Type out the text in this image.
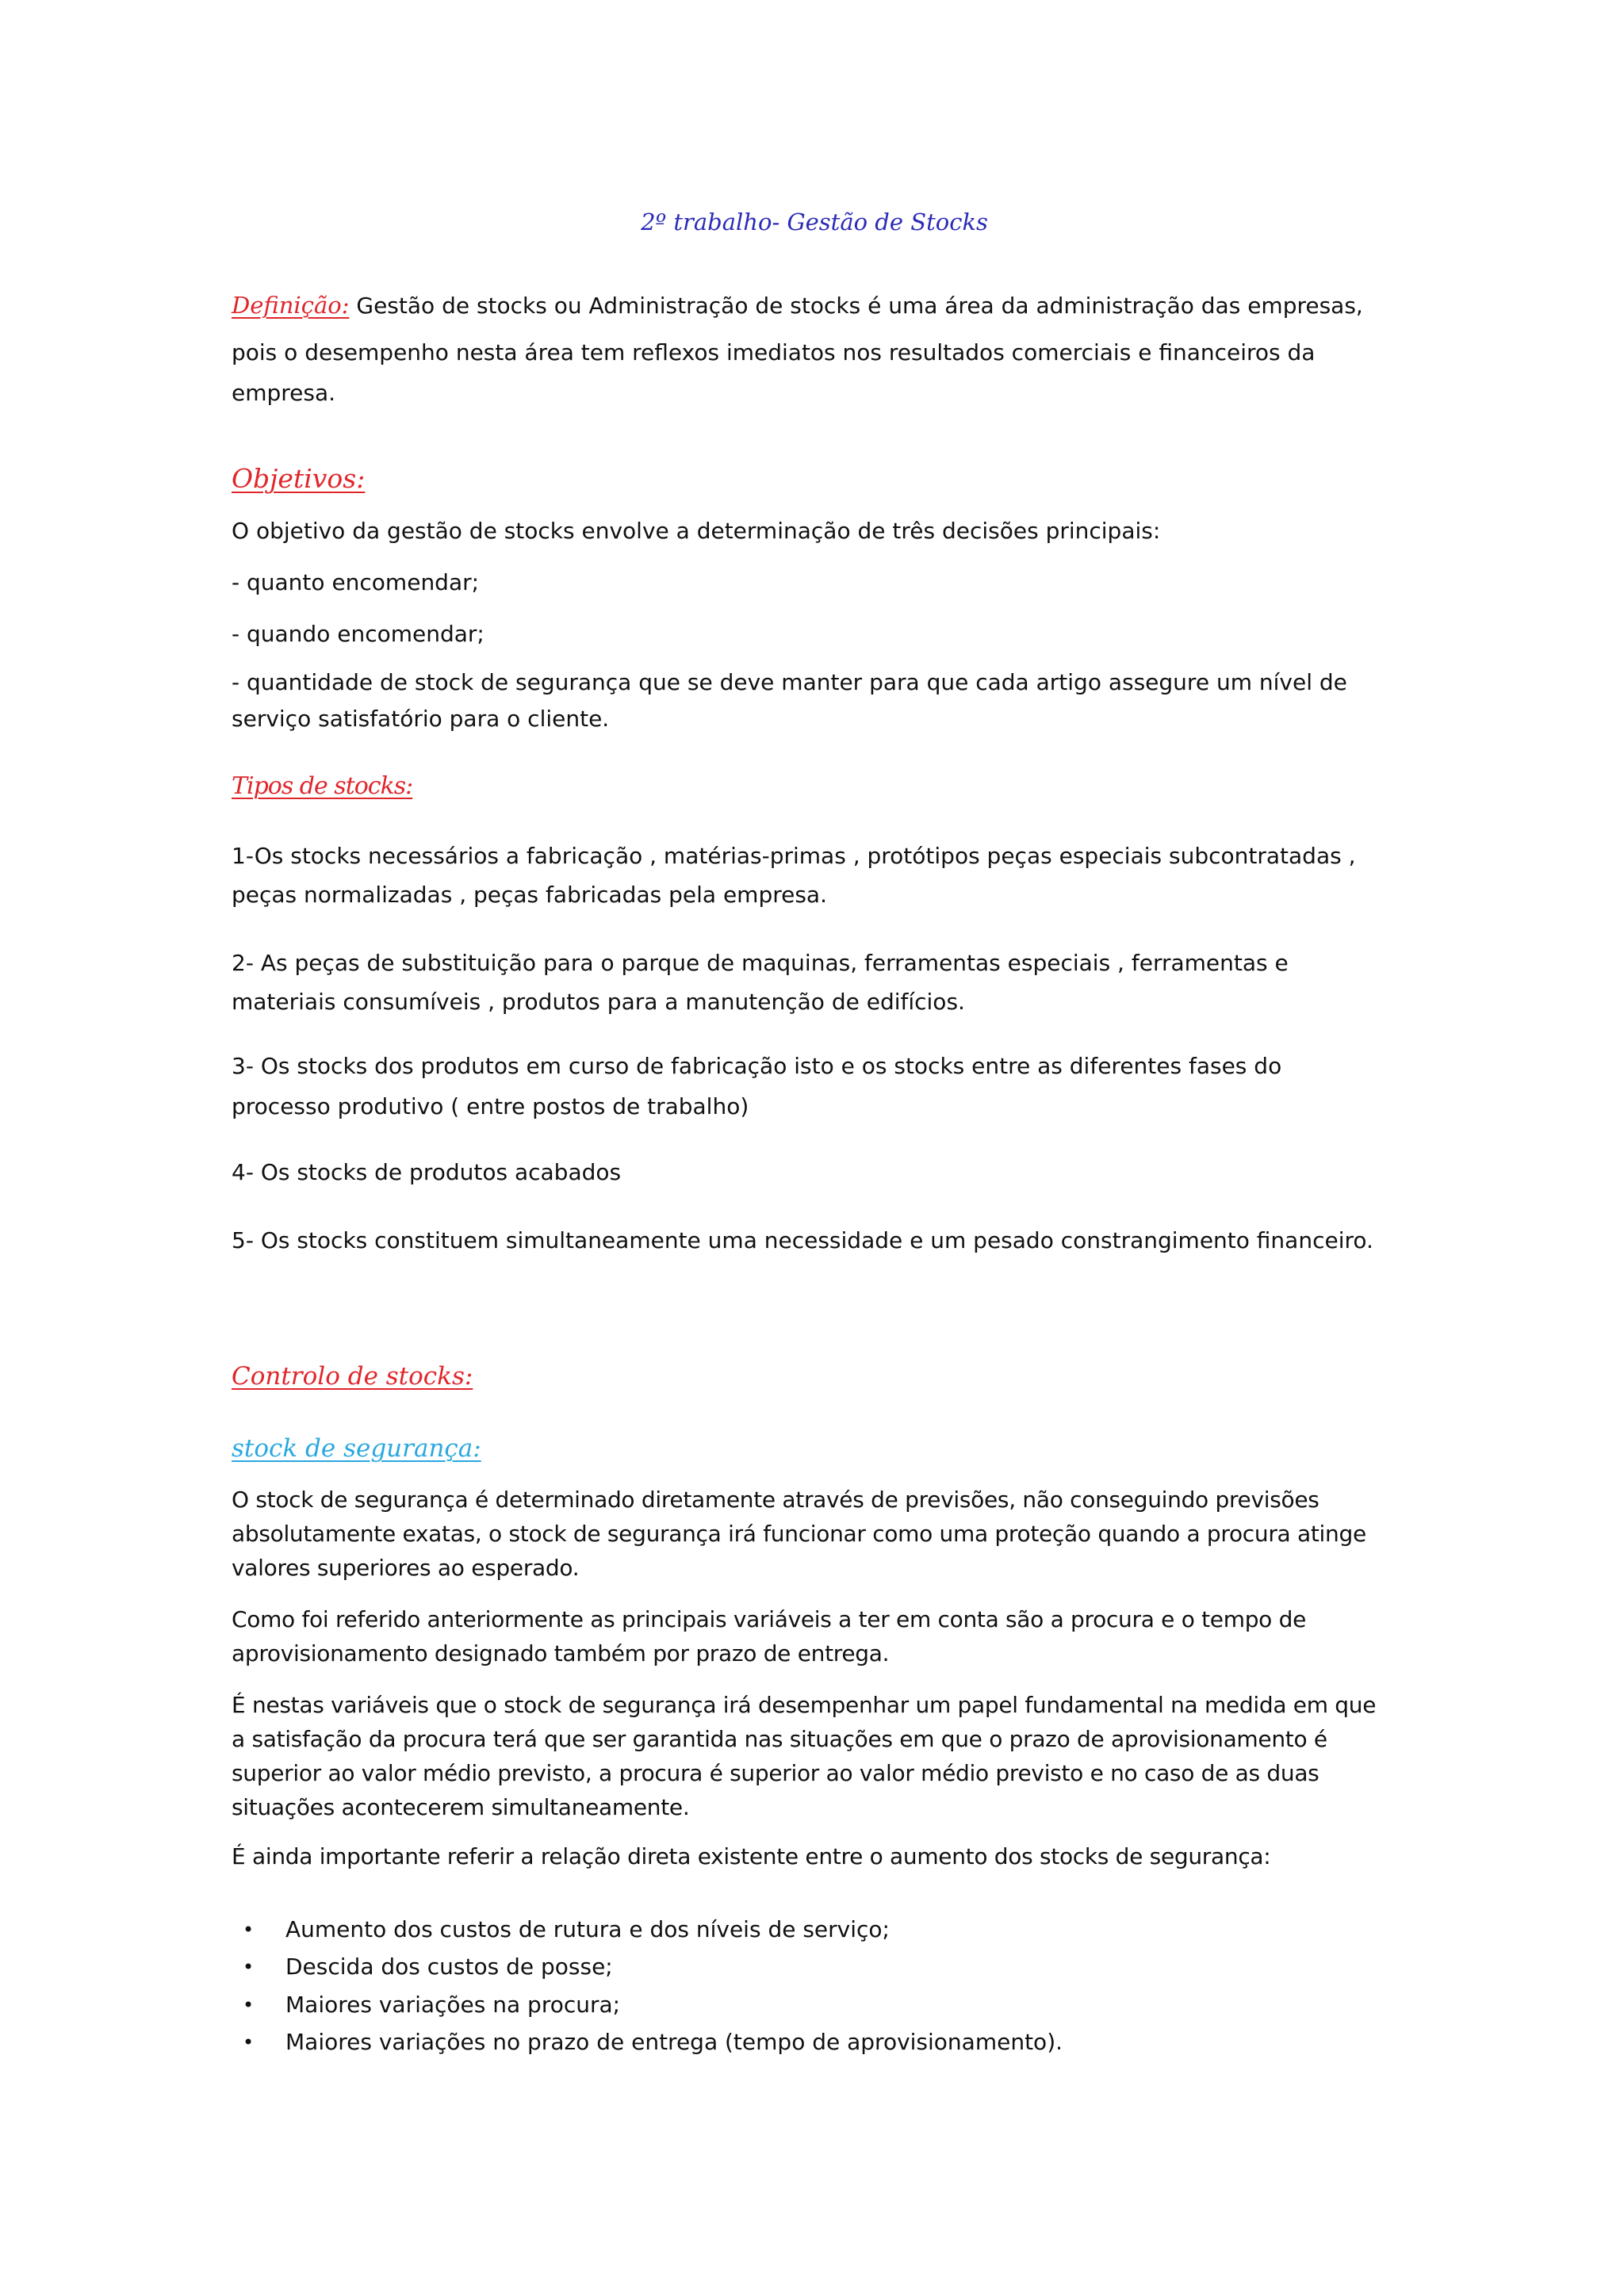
2º trabalho- Gestão de Stocks
Definição: Gestão de stocks ou Administração de stocks é uma área da administração das empresas,
pois o desempenho nesta área tem reflexos imediatos nos resultados comerciais e financeiros da
empresa.
Objetivos:
O objetivo da gestão de stocks envolve a determinação de três decisões principais:
- quanto encomendar;
- quando encomendar;
- quantidade de stock de segurança que se deve manter para que cada artigo assegure um nível de
serviço satisfatório para o cliente.
Tipos de stocks:
1-Os stocks necessários a fabricação , matérias-primas , protótipos peças especiais subcontratadas ,
peças normalizadas , peças fabricadas pela empresa.
2- As peças de substituição para o parque de maquinas, ferramentas especiais , ferramentas e
materiais consumíveis , produtos para a manutenção de edifícios.
3- Os stocks dos produtos em curso de fabricação isto e os stocks entre as diferentes fases do
processo produtivo ( entre postos de trabalho)
4- Os stocks de produtos acabados
5- Os stocks constituem simultaneamente uma necessidade e um pesado constrangimento financeiro.
Controlo de stocks:
stock de segurança:
O stock de segurança é determinado diretamente através de previsões, não conseguindo previsões
absolutamente exatas, o stock de segurança irá funcionar como uma proteção quando a procura atinge
valores superiores ao esperado.
Como foi referido anteriormente as principais variáveis a ter em conta são a procura e o tempo de
aprovisionamento designado também por prazo de entrega.
É nestas variáveis que o stock de segurança irá desempenhar um papel fundamental na medida em que
a satisfação da procura terá que ser garantida nas situações em que o prazo de aprovisionamento é
superior ao valor médio previsto, a procura é superior ao valor médio previsto e no caso de as duas
situações acontecerem simultaneamente.
É ainda importante referir a relação direta existente entre o aumento dos stocks de segurança:
• Aumento dos custos de rutura e dos níveis de serviço;
• Descida dos custos de posse;
• Maiores variações na procura;
• Maiores variações no prazo de entrega (tempo de aprovisionamento).
